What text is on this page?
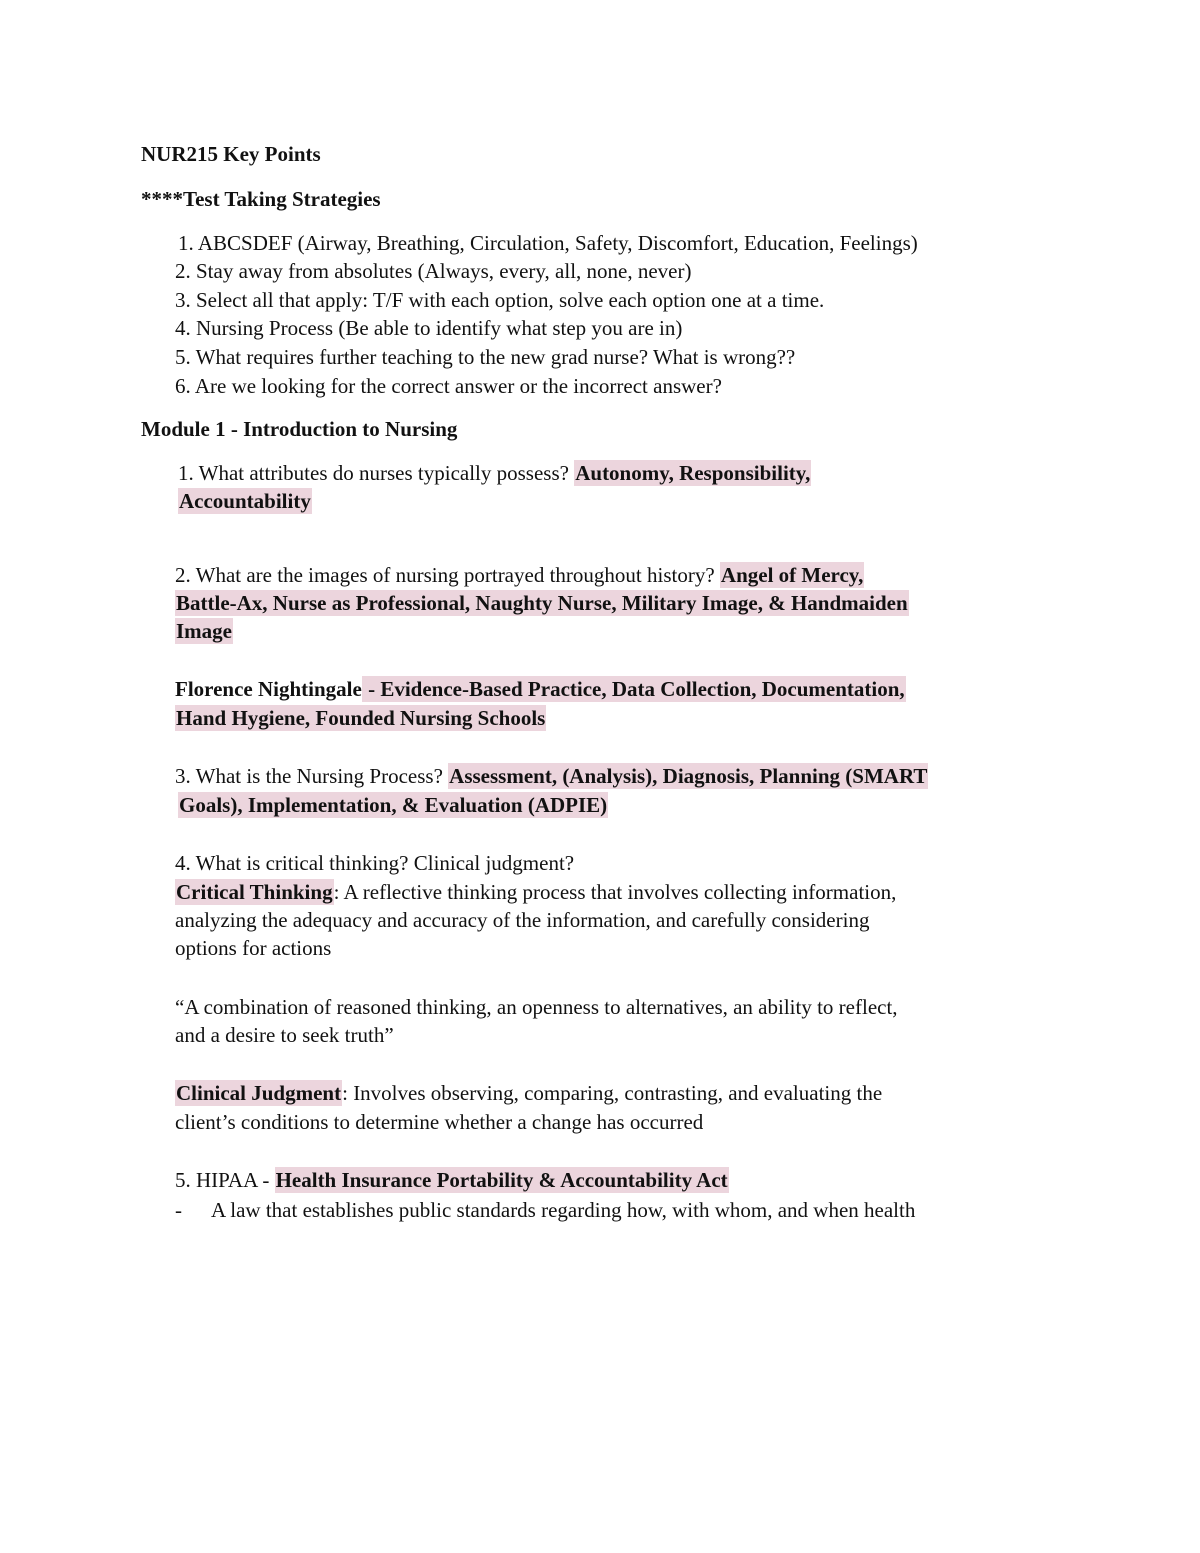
NUR215 Key Points

****Test Taking Strategies

1. ABCSDEF (Airway, Breathing, Circulation, Safety, Discomfort, Education, Feelings)

2. Stay away from absolutes (Always, every, all, none, never)

3. Select all that apply: T/F with each option, solve each option one at a time.

4. Nursing Process (Be able to identify what step you are in)

5. What requires further teaching to the new grad nurse? What is wrong??

6. Are we looking for the correct answer or the incorrect answer?

Module 1 - Introduction to Nursing

1. What attributes do nurses typically possess? Autonomy, Responsibility,

Accountability

2. What are the images of nursing portrayed throughout history? Angel of Mercy,

Battle-Ax, Nurse as Professional, Naughty Nurse, Military Image, & Handmaiden

Image

Florence Nightingale - Evidence-Based Practice, Data Collection, Documentation,

Hand Hygiene, Founded Nursing Schools

3. What is the Nursing Process? Assessment, (Analysis), Diagnosis, Planning (SMART

Goals), Implementation, & Evaluation (ADPIE)

4. What is critical thinking? Clinical judgment?

Critical Thinking: A reflective thinking process that involves collecting information,

analyzing the adequacy and accuracy of the information, and carefully considering

options for actions

“A combination of reasoned thinking, an openness to alternatives, an ability to reflect,

and a desire to seek truth”

Clinical Judgment: Involves observing, comparing, contrasting, and evaluating the

client’s conditions to determine whether a change has occurred

5. HIPAA - Health Insurance Portability & Accountability Act

- A law that establishes public standards regarding how, with whom, and when health
